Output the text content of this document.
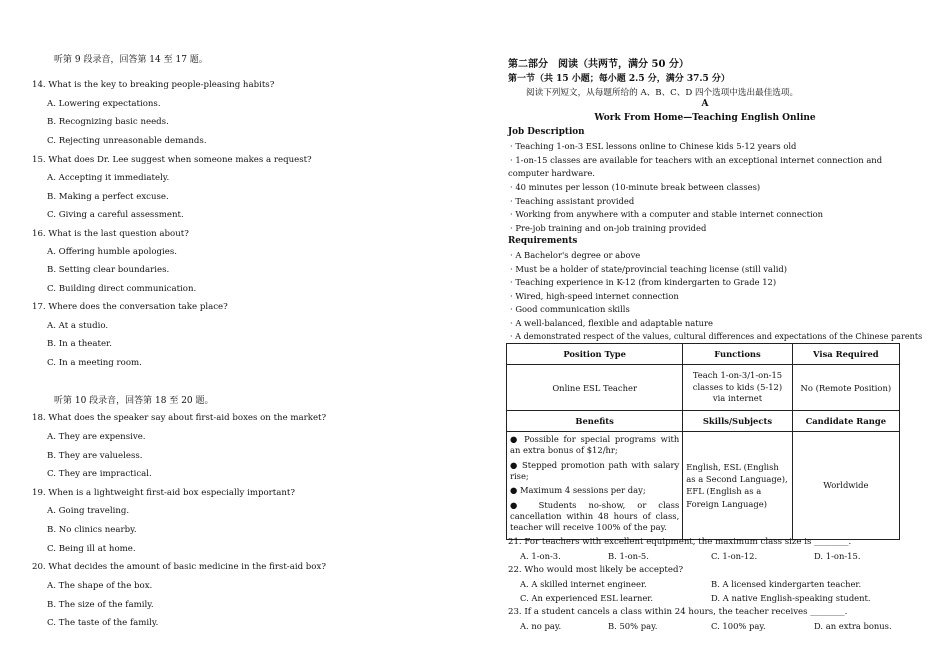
听第 9 段录音，回答第 14 至 17 题。
14. What is the key to breaking people-pleasing habits?
A. Lowering expectations.
B. Recognizing basic needs.
C. Rejecting unreasonable demands.
15. What does Dr. Lee suggest when someone makes a request?
A. Accepting it immediately.
B. Making a perfect excuse.
C. Giving a careful assessment.
16. What is the last question about?
A. Offering humble apologies.
B. Setting clear boundaries.
C. Building direct communication.
17. Where does the conversation take place?
A. At a studio.
B. In a theater.
C. In a meeting room.
听第 10 段录音，回答第 18 至 20 题。
18. What does the speaker say about first-aid boxes on the market?
A. They are expensive.
B. They are valueless.
C. They are impractical.
19. When is a lightweight first-aid box especially important?
A. Going traveling.
B. No clinics nearby.
C. Being ill at home.
20. What decides the amount of basic medicine in the first-aid box?
A. The shape of the box.
B. The size of the family.
C. The taste of the family.
第二部分　阅读（共两节，满分 50 分）
第一节（共 15 小题；每小题 2.5 分，满分 37.5 分）
阅读下列短文，从每题所给的 A、B、C、D 四个选项中选出最佳选项。
A
Work From Home—Teaching English Online
Job Description
· Teaching 1-on-3 ESL lessons online to Chinese kids 5-12 years old
· 1-on-15 classes are available for teachers with an exceptional internet connection and
computer hardware.
· 40 minutes per lesson (10-minute break between classes)
· Teaching assistant provided
· Working from anywhere with a computer and stable internet connection
· Pre-job training and on-job training provided
Requirements
· A Bachelor's degree or above
· Must be a holder of state/provincial teaching license (still valid)
· Teaching experience in K-12 (from kindergarten to Grade 12)
· Wired, high-speed internet connection
· Good communication skills
· A well-balanced, flexible and adaptable nature
· A demonstrated respect of the values, cultural differences and expectations of the Chinese parents
Position Type	Functions	Visa Required
Online ESL Teacher	Teach 1-on-3/1-on-15 classes to kids (5-12) via internet	No (Remote Position)
Benefits	Skills/Subjects	Candidate Range

● Possible for special programs with an extra bonus of $12/hr;

● Stepped promotion path with salary rise;

● Maximum 4 sessions per day;

● Students no-show, or class cancellation within 48 hours of class, teacher will receive 100% of the pay.	English, ESL (English as a Second Language), EFL (English as a Foreign Language)	Worldwide
21. For teachers with excellent equipment, the maximum class size is ________.
A. 1-on-3.	B. 1-on-5.	C. 1-on-12.	D. 1-on-15.
22. Who would most likely be accepted?
A. A skilled internet engineer.	B. A licensed kindergarten teacher.
C. An experienced ESL learner.	D. A native English-speaking student.
23. If a student cancels a class within 24 hours, the teacher receives ________.
A. no pay.	B. 50% pay.	C. 100% pay.	D. an extra bonus.
